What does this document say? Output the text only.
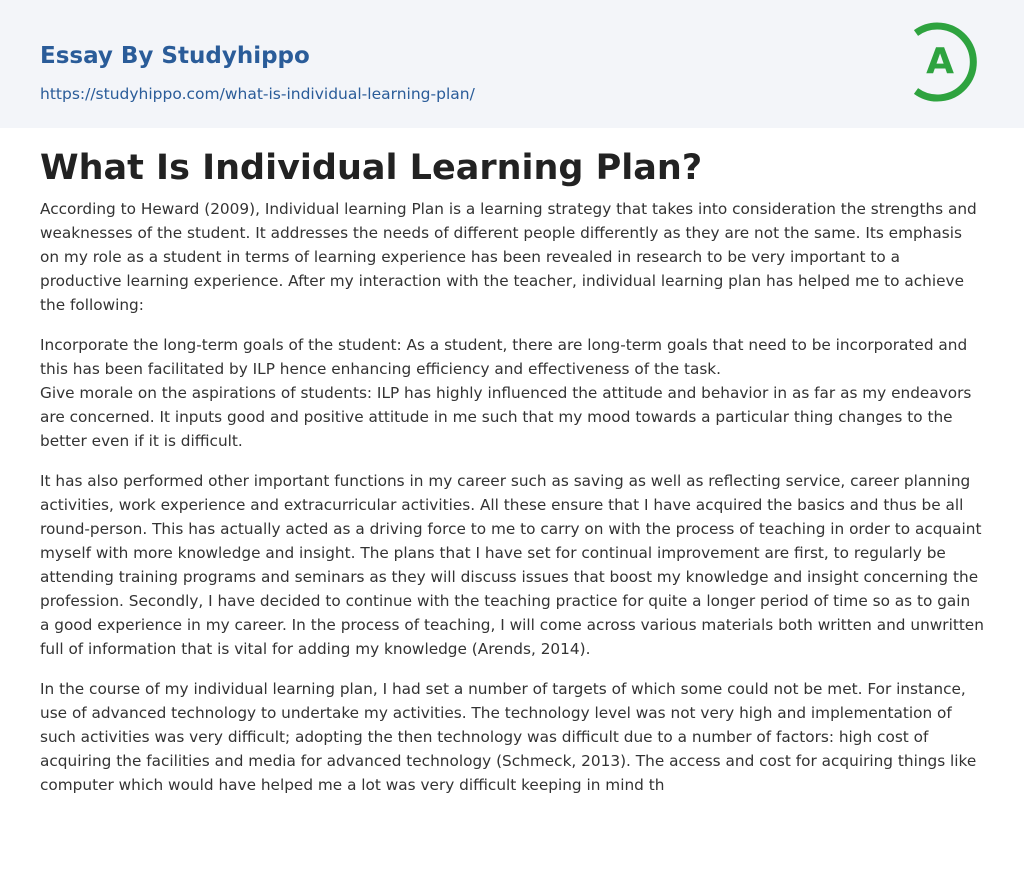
Essay By Studyhippo
https://studyhippo.com/what-is-individual-learning-plan/
A
What Is Individual Learning Plan?

According to Heward (2009), Individual learning Plan is a learning strategy that takes into consideration the strengths and weaknesses of the student. It addresses the needs of different people differently as they are not the same. Its emphasis on my role as a student in terms of learning experience has been revealed in research to be very important to a productive learning experience. After my interaction with the teacher, individual learning plan has helped me to achieve the following:

Incorporate the long-term goals of the student: As a student, there are long-term goals that need to be incorporated and this has been facilitated by ILP hence enhancing efficiency and effectiveness of the task.
Give morale on the aspirations of students: ILP has highly influenced the attitude and behavior in as far as my endeavors are concerned. It inputs good and positive attitude in me such that my mood towards a particular thing changes to the better even if it is difficult.

It has also performed other important functions in my career such as saving as well as reflecting service, career planning activities, work experience and extracurricular activities. All these ensure that I have acquired the basics and thus be all round-person. This has actually acted as a driving force to me to carry on with the process of teaching in order to acquaint myself with more knowledge and insight. The plans that I have set for continual improvement are first, to regularly be attending training programs and seminars as they will discuss issues that boost my knowledge and insight concerning the profession. Secondly, I have decided to continue with the teaching practice for quite a longer period of time so as to gain a good experience in my career. In the process of teaching, I will come across various materials both written and unwritten full of information that is vital for adding my knowledge (Arends, 2014).

In the course of my individual learning plan, I had set a number of targets of which some could not be met. For instance, use of advanced technology to undertake my activities. The technology level was not very high and implementation of such activities was very difficult; adopting the then technology was difficult due to a number of factors: high cost of acquiring the facilities and media for advanced technology (Schmeck, 2013). The access and cost for acquiring things like computer which would have helped me a lot was very difficult keeping in mind th
